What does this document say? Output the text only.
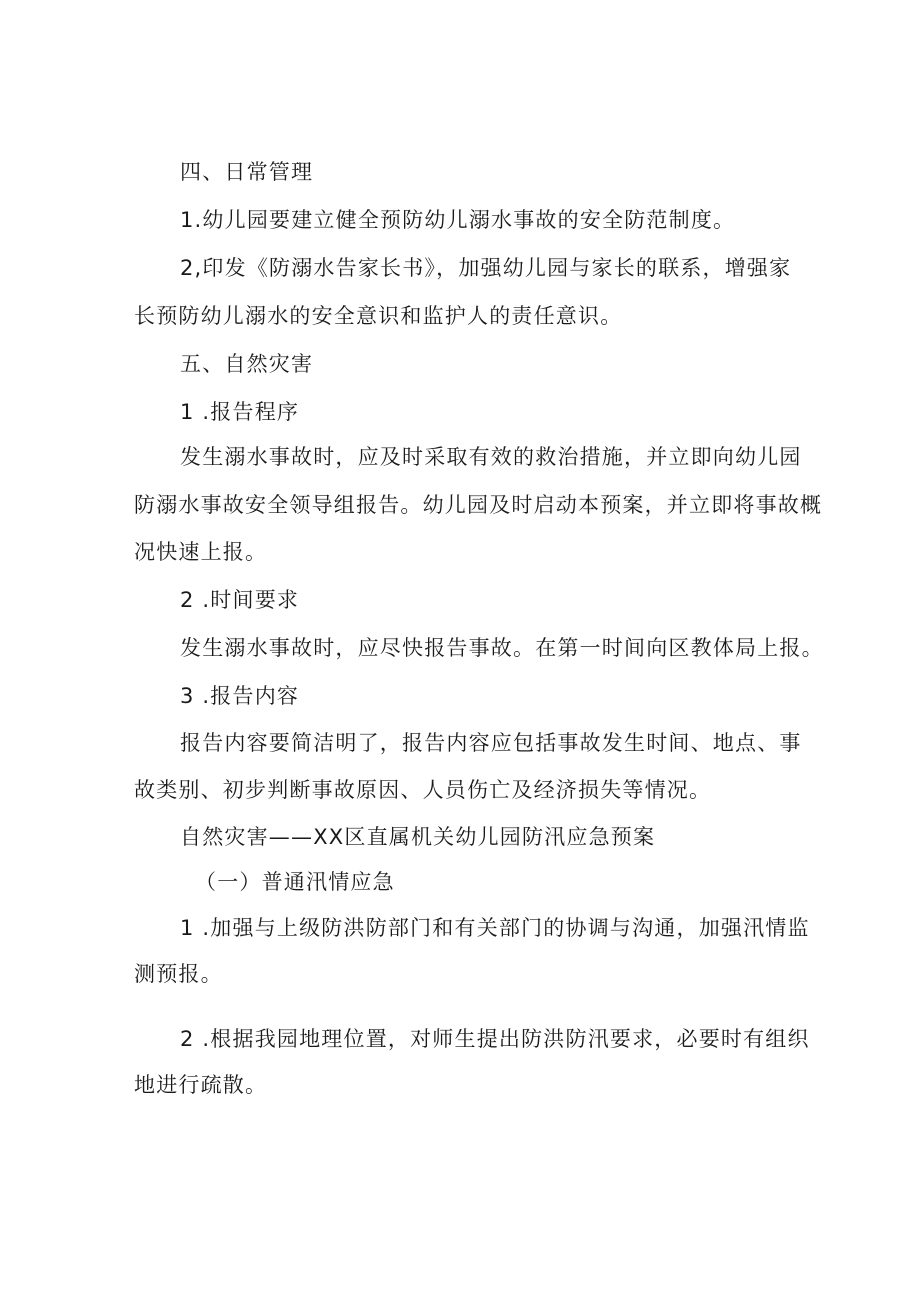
四、日常管理
1.幼儿园要建立健全预防幼儿溺水事故的安全防范制度。
2,印发《防溺水告家长书》，加强幼儿园与家长的联系，增强家
长预防幼儿溺水的安全意识和监护人的责任意识。
五、自然灾害
1 .报告程序
发生溺水事故时，应及时采取有效的救治措施，并立即向幼儿园
防溺水事故安全领导组报告。幼儿园及时启动本预案，并立即将事故概
况快速上报。
2 .时间要求
发生溺水事故时，应尽快报告事故。在第一时间向区教体局上报。
3 .报告内容
报告内容要简洁明了，报告内容应包括事故发生时间、地点、事
故类别、初步判断事故原因、人员伤亡及经济损失等情况。
自然灾害——XX区直属机关幼儿园防汛应急预案
（一）普通汛情应急
1 .加强与上级防洪防部门和有关部门的协调与沟通，加强汛情监
测预报。
2 .根据我园地理位置，对师生提出防洪防汛要求，必要时有组织
地进行疏散。
